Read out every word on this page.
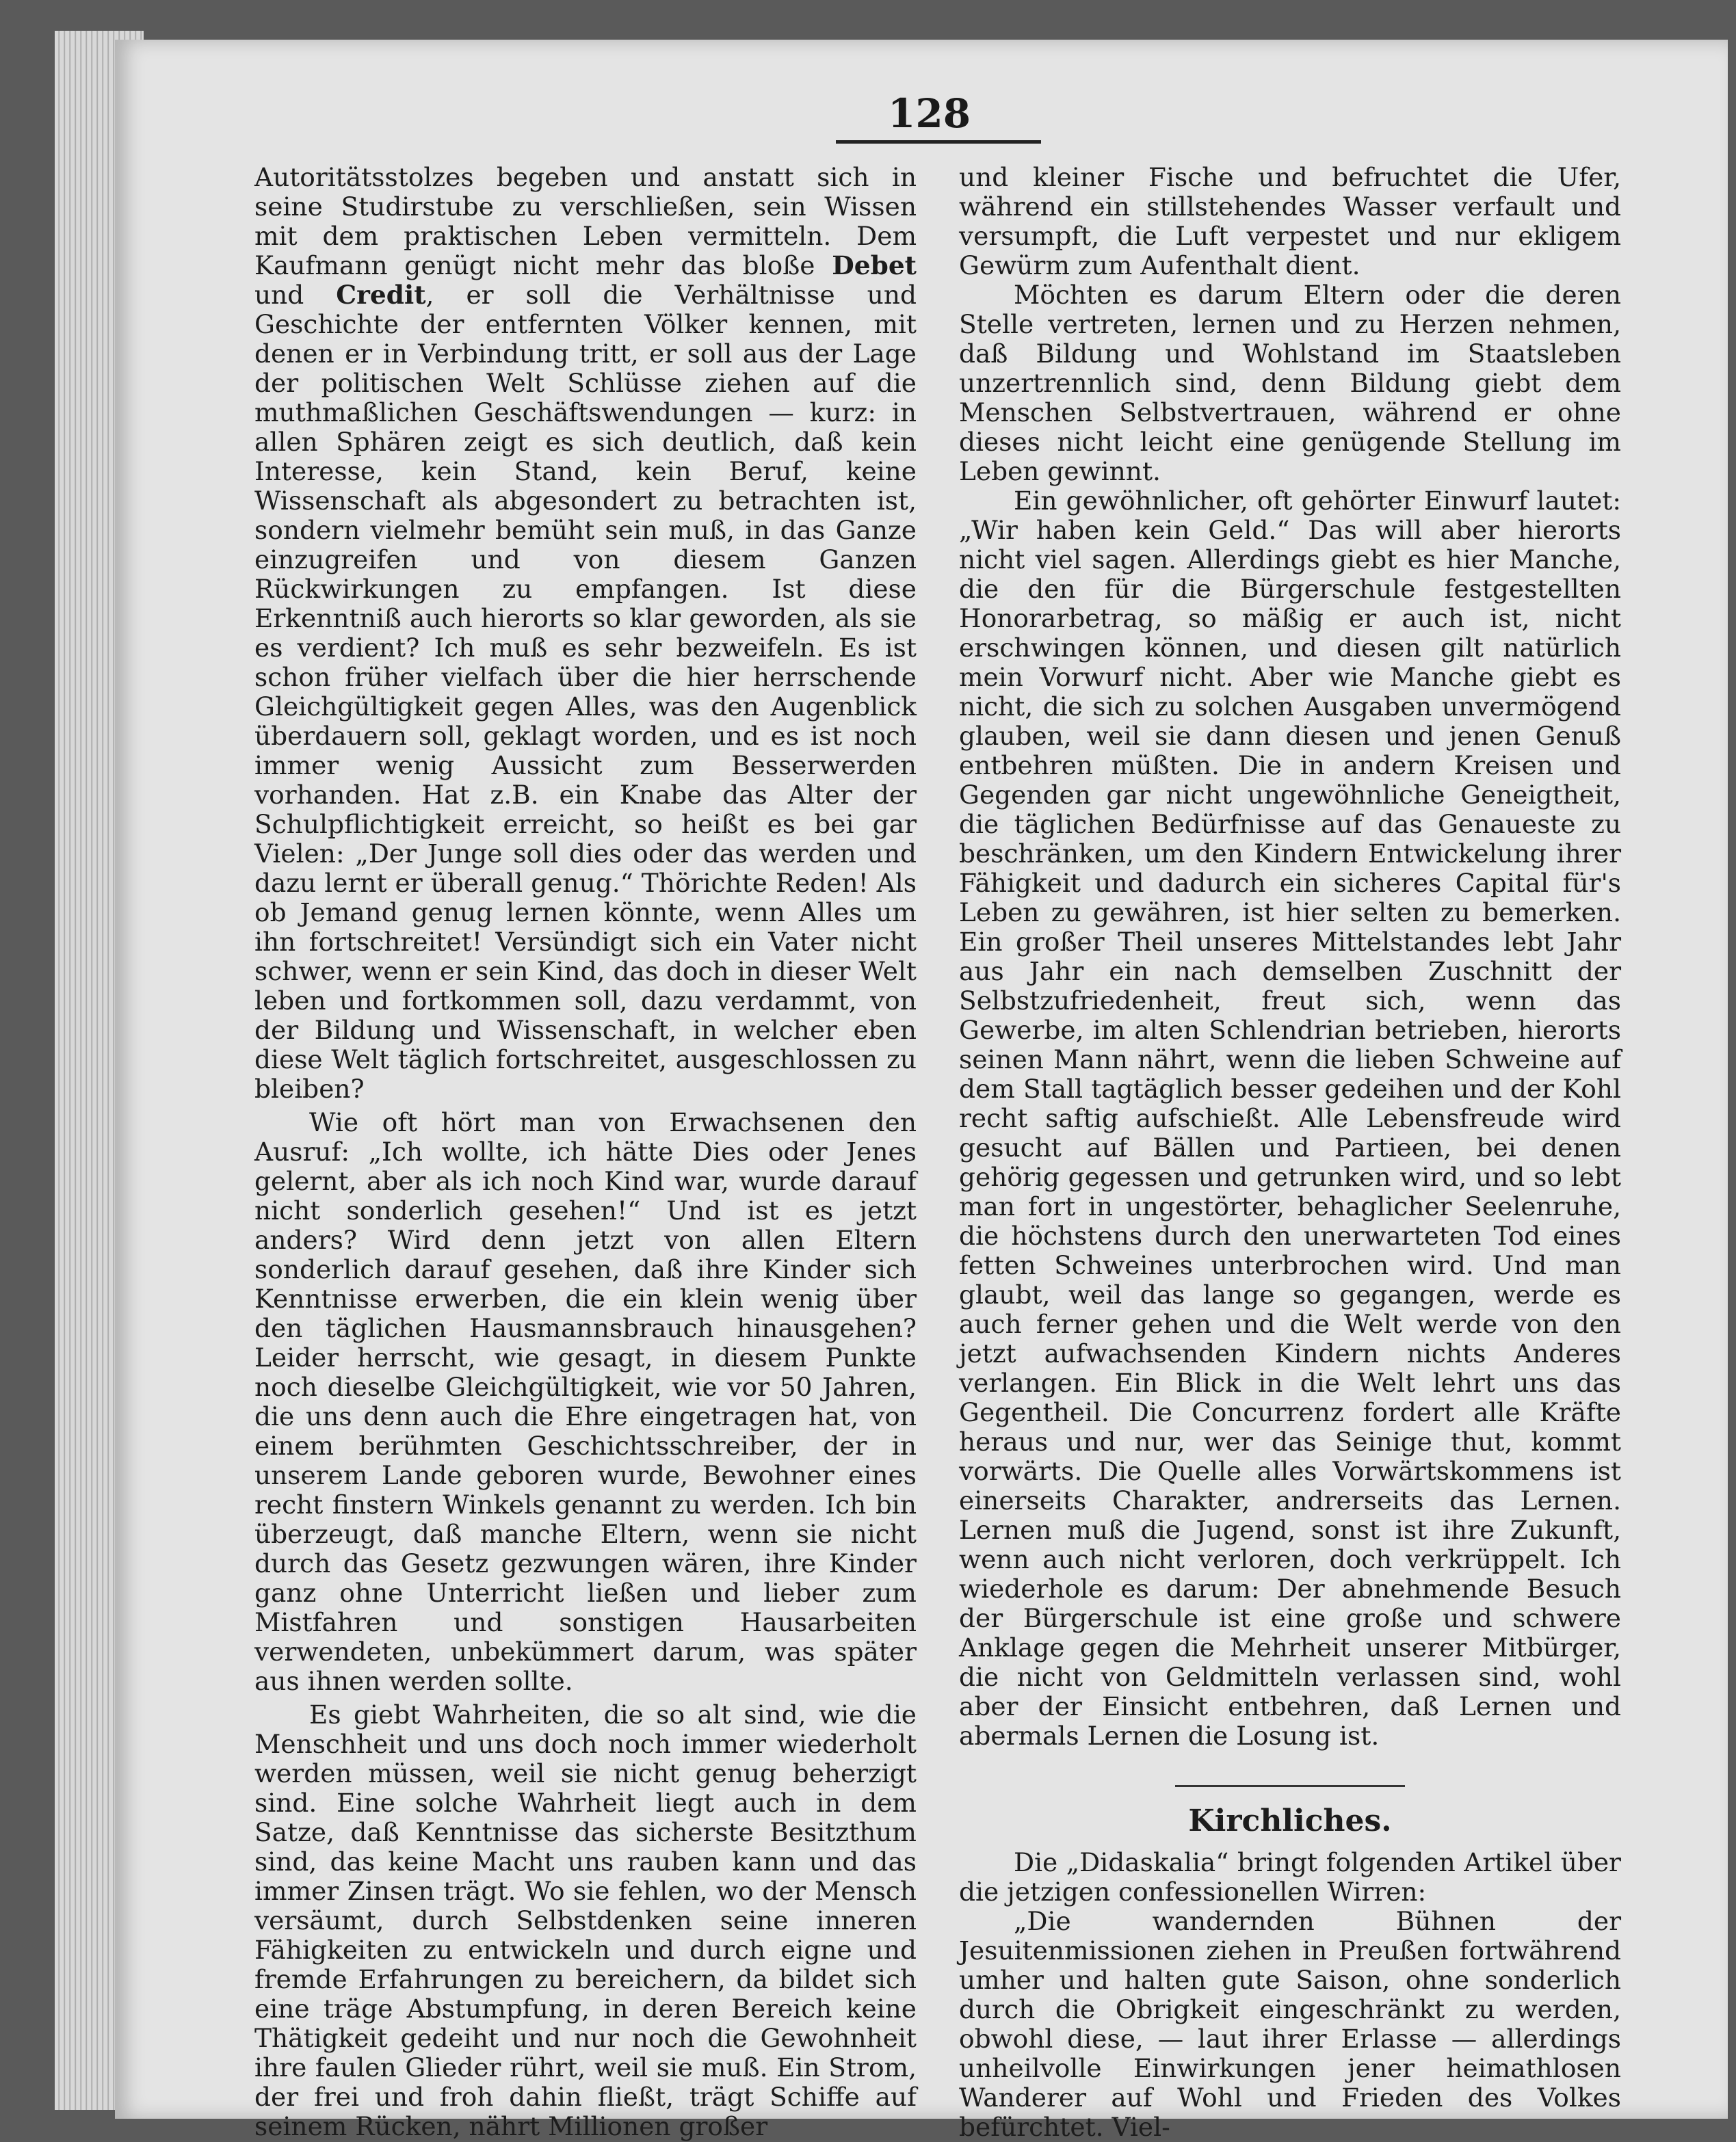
128

Autoritätsstolzes begeben und anstatt sich in seine Studirstube zu verschließen, sein Wissen mit dem praktischen Leben vermitteln. Dem Kaufmann genügt nicht mehr das bloße Debet und Credit, er soll die Verhältnisse und Geschichte der entfernten Völker kennen, mit denen er in Verbindung tritt, er soll aus der Lage der politischen Welt Schlüsse ziehen auf die muthmaßlichen Geschäftswendungen — kurz: in allen Sphären zeigt es sich deutlich, daß kein Interesse, kein Stand, kein Beruf, keine Wissenschaft als abgesondert zu betrachten ist, sondern vielmehr bemüht sein muß, in das Ganze einzugreifen und von diesem Ganzen Rückwirkungen zu empfangen. Ist diese Erkenntniß auch hierorts so klar geworden, als sie es verdient? Ich muß es sehr bezweifeln. Es ist schon früher vielfach über die hier herrschende Gleichgültigkeit gegen Alles, was den Augenblick überdauern soll, geklagt worden, und es ist noch immer wenig Aussicht zum Besserwerden vorhanden. Hat z.B. ein Knabe das Alter der Schulpflichtigkeit erreicht, so heißt es bei gar Vielen: „Der Junge soll dies oder das werden und dazu lernt er überall genug.“ Thörichte Reden! Als ob Jemand genug lernen könnte, wenn Alles um ihn fortschreitet! Versündigt sich ein Vater nicht schwer, wenn er sein Kind, das doch in dieser Welt leben und fortkommen soll, dazu verdammt, von der Bildung und Wissenschaft, in welcher eben diese Welt täglich fortschreitet, ausgeschlossen zu bleiben?

Wie oft hört man von Erwachsenen den Ausruf: „Ich wollte, ich hätte Dies oder Jenes gelernt, aber als ich noch Kind war, wurde darauf nicht sonderlich gesehen!“ Und ist es jetzt anders? Wird denn jetzt von allen Eltern sonderlich darauf gesehen, daß ihre Kinder sich Kenntnisse erwerben, die ein klein wenig über den täglichen Hausmannsbrauch hinausgehen? Leider herrscht, wie gesagt, in diesem Punkte noch dieselbe Gleichgültigkeit, wie vor 50 Jahren, die uns denn auch die Ehre eingetragen hat, von einem berühmten Geschichtsschreiber, der in unserem Lande geboren wurde, Bewohner eines recht finstern Winkels genannt zu werden. Ich bin überzeugt, daß manche Eltern, wenn sie nicht durch das Gesetz gezwungen wären, ihre Kinder ganz ohne Unterricht ließen und lieber zum Mistfahren und sonstigen Hausarbeiten verwendeten, unbekümmert darum, was später aus ihnen werden sollte.

Es giebt Wahrheiten, die so alt sind, wie die Menschheit und uns doch noch immer wiederholt werden müssen, weil sie nicht genug beherzigt sind. Eine solche Wahrheit liegt auch in dem Satze, daß Kenntnisse das sicherste Besitzthum sind, das keine Macht uns rauben kann und das immer Zinsen trägt. Wo sie fehlen, wo der Mensch versäumt, durch Selbstdenken seine inneren Fähigkeiten zu entwickeln und durch eigne und fremde Erfahrungen zu bereichern, da bildet sich eine träge Abstumpfung, in deren Bereich keine Thätigkeit gedeiht und nur noch die Gewohnheit ihre faulen Glieder rührt, weil sie muß. Ein Strom, der frei und froh dahin fließt, trägt Schiffe auf seinem Rücken, nährt Millionen großer

und kleiner Fische und befruchtet die Ufer, während ein stillstehendes Wasser verfault und versumpft, die Luft verpestet und nur ekligem Gewürm zum Aufenthalt dient.

Möchten es darum Eltern oder die deren Stelle vertreten, lernen und zu Herzen nehmen, daß Bildung und Wohlstand im Staatsleben unzertrennlich sind, denn Bildung giebt dem Menschen Selbstvertrauen, während er ohne dieses nicht leicht eine genügende Stellung im Leben gewinnt.

Ein gewöhnlicher, oft gehörter Einwurf lautet: „Wir haben kein Geld.“ Das will aber hierorts nicht viel sagen. Allerdings giebt es hier Manche, die den für die Bürgerschule festgestellten Honorarbetrag, so mäßig er auch ist, nicht erschwingen können, und diesen gilt natürlich mein Vorwurf nicht. Aber wie Manche giebt es nicht, die sich zu solchen Ausgaben unvermögend glauben, weil sie dann diesen und jenen Genuß entbehren müßten. Die in andern Kreisen und Gegenden gar nicht ungewöhnliche Geneigtheit, die täglichen Bedürfnisse auf das Genaueste zu beschränken, um den Kindern Entwickelung ihrer Fähigkeit und dadurch ein sicheres Capital für's Leben zu gewähren, ist hier selten zu bemerken. Ein großer Theil unseres Mittelstandes lebt Jahr aus Jahr ein nach demselben Zuschnitt der Selbstzufriedenheit, freut sich, wenn das Gewerbe, im alten Schlendrian betrieben, hierorts seinen Mann nährt, wenn die lieben Schweine auf dem Stall tagtäglich besser gedeihen und der Kohl recht saftig aufschießt. Alle Lebensfreude wird gesucht auf Bällen und Partieen, bei denen gehörig gegessen und getrunken wird, und so lebt man fort in ungestörter, behaglicher Seelenruhe, die höchstens durch den unerwarteten Tod eines fetten Schweines unterbrochen wird. Und man glaubt, weil das lange so gegangen, werde es auch ferner gehen und die Welt werde von den jetzt aufwachsenden Kindern nichts Anderes verlangen. Ein Blick in die Welt lehrt uns das Gegentheil. Die Concurrenz fordert alle Kräfte heraus und nur, wer das Seinige thut, kommt vorwärts. Die Quelle alles Vorwärtskommens ist einerseits Charakter, andrerseits das Lernen. Lernen muß die Jugend, sonst ist ihre Zukunft, wenn auch nicht verloren, doch verkrüppelt. Ich wiederhole es darum: Der abnehmende Besuch der Bürgerschule ist eine große und schwere Anklage gegen die Mehrheit unserer Mitbürger, die nicht von Geldmitteln verlassen sind, wohl aber der Einsicht entbehren, daß Lernen und abermals Lernen die Losung ist.

Kirchliches.

Die „Didaskalia“ bringt folgenden Artikel über die jetzigen confessionellen Wirren:

„Die wandernden Bühnen der Jesuitenmissionen ziehen in Preußen fortwährend umher und halten gute Saison, ohne sonderlich durch die Obrigkeit eingeschränkt zu werden, obwohl diese, — laut ihrer Erlasse — allerdings unheilvolle Einwirkungen jener heimathlosen Wanderer auf Wohl und Frieden des Volkes befürchtet. Viel-
